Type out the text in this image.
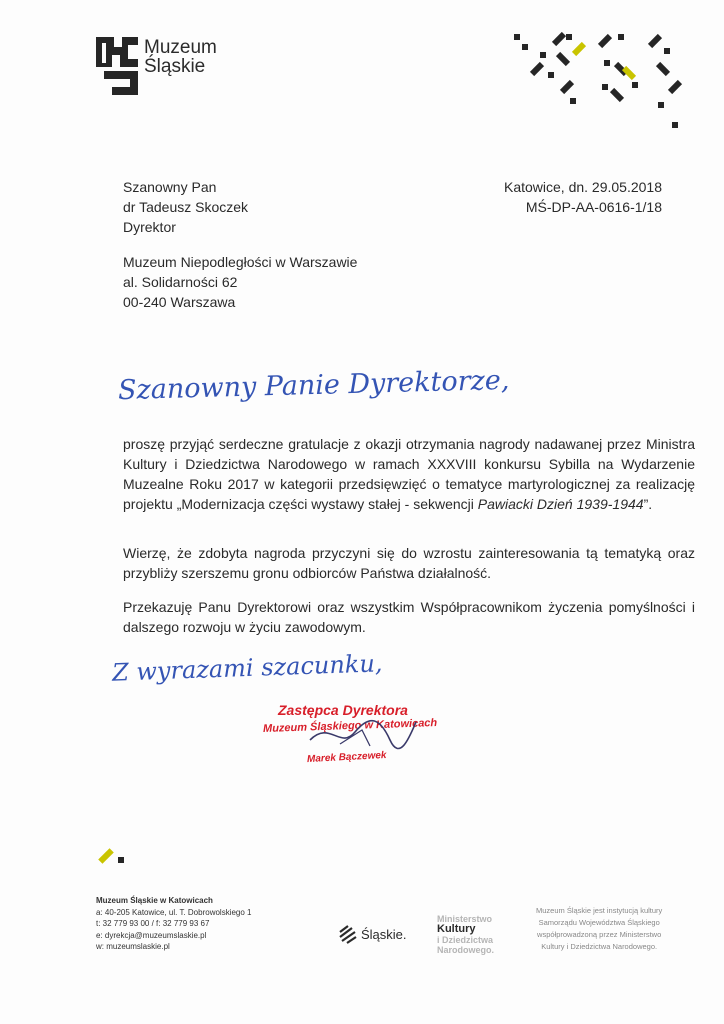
Muzeum
Śląskie
Katowice, dn. 29.05.2018
MŚ-DP-AA-0616-1/18
Szanowny Pan
dr Tadeusz Skoczek
Dyrektor
Muzeum Niepodległości w Warszawie
al. Solidarności 62
00-240 Warszawa
Szanowny Panie Dyrektorze,
proszę przyjąć serdeczne gratulacje z okazji otrzymania nagrody nadawanej przez Ministra Kultury i Dziedzictwa Narodowego w ramach XXXVIII konkursu Sybilla na Wydarzenie Muzealne Roku 2017 w kategorii przedsięwzięć o tematyce martyrologicznej za realizację projektu „Modernizacja części wystawy stałej - sekwencji Pawiacki Dzień 1939-1944”.
Wierzę, że zdobyta nagroda przyczyni się do wzrostu zainteresowania tą tematyką oraz przybliży szerszemu gronu odbiorców Państwa działalność.
Przekazuję Panu Dyrektorowi oraz wszystkim Współpracownikom życzenia pomyślności i dalszego rozwoju w życiu zawodowym.
Z wyrazami szacunku,
Zastępca Dyrektora
Muzeum Śląskiego w Katowicach
Marek Bączewek
Muzeum Śląskie w Katowicach
a: 40-205 Katowice, ul. T. Dobrowolskiego 1
t: 32 779 93 00 / f: 32 779 93 67
e: dyrekcja@muzeumslaskie.pl
w: muzeumslaskie.pl
Śląskie.
Ministerstwo
Kultury
i Dziedzictwa
Narodowego.
Muzeum Śląskie jest instytucją kultury
Samorządu Województwa Śląskiego
współprowadzoną przez Ministerstwo
Kultury i Dziedzictwa Narodowego.
